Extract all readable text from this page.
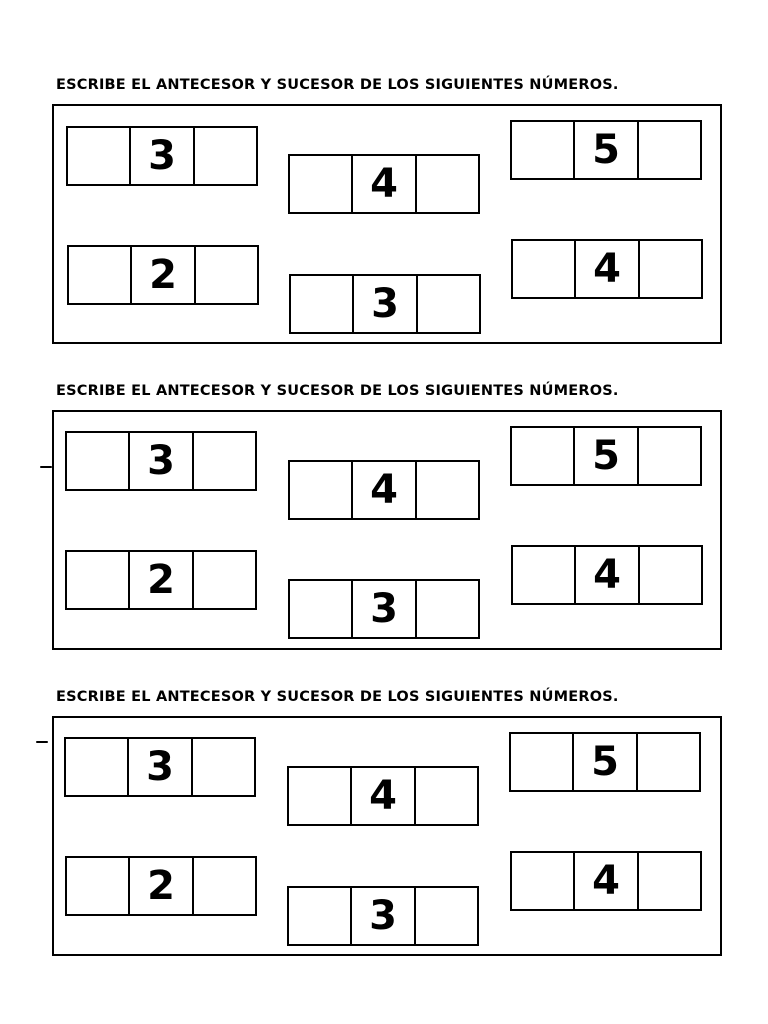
ESCRIBE EL ANTECESOR Y SUCESOR DE LOS SIGUIENTES NÚMEROS.
3
4
5
2
3
4
ESCRIBE EL ANTECESOR Y SUCESOR DE LOS SIGUIENTES NÚMEROS.
3
4
5
2
3
4
ESCRIBE EL ANTECESOR Y SUCESOR DE LOS SIGUIENTES NÚMEROS.
3
4
5
2
3
4
